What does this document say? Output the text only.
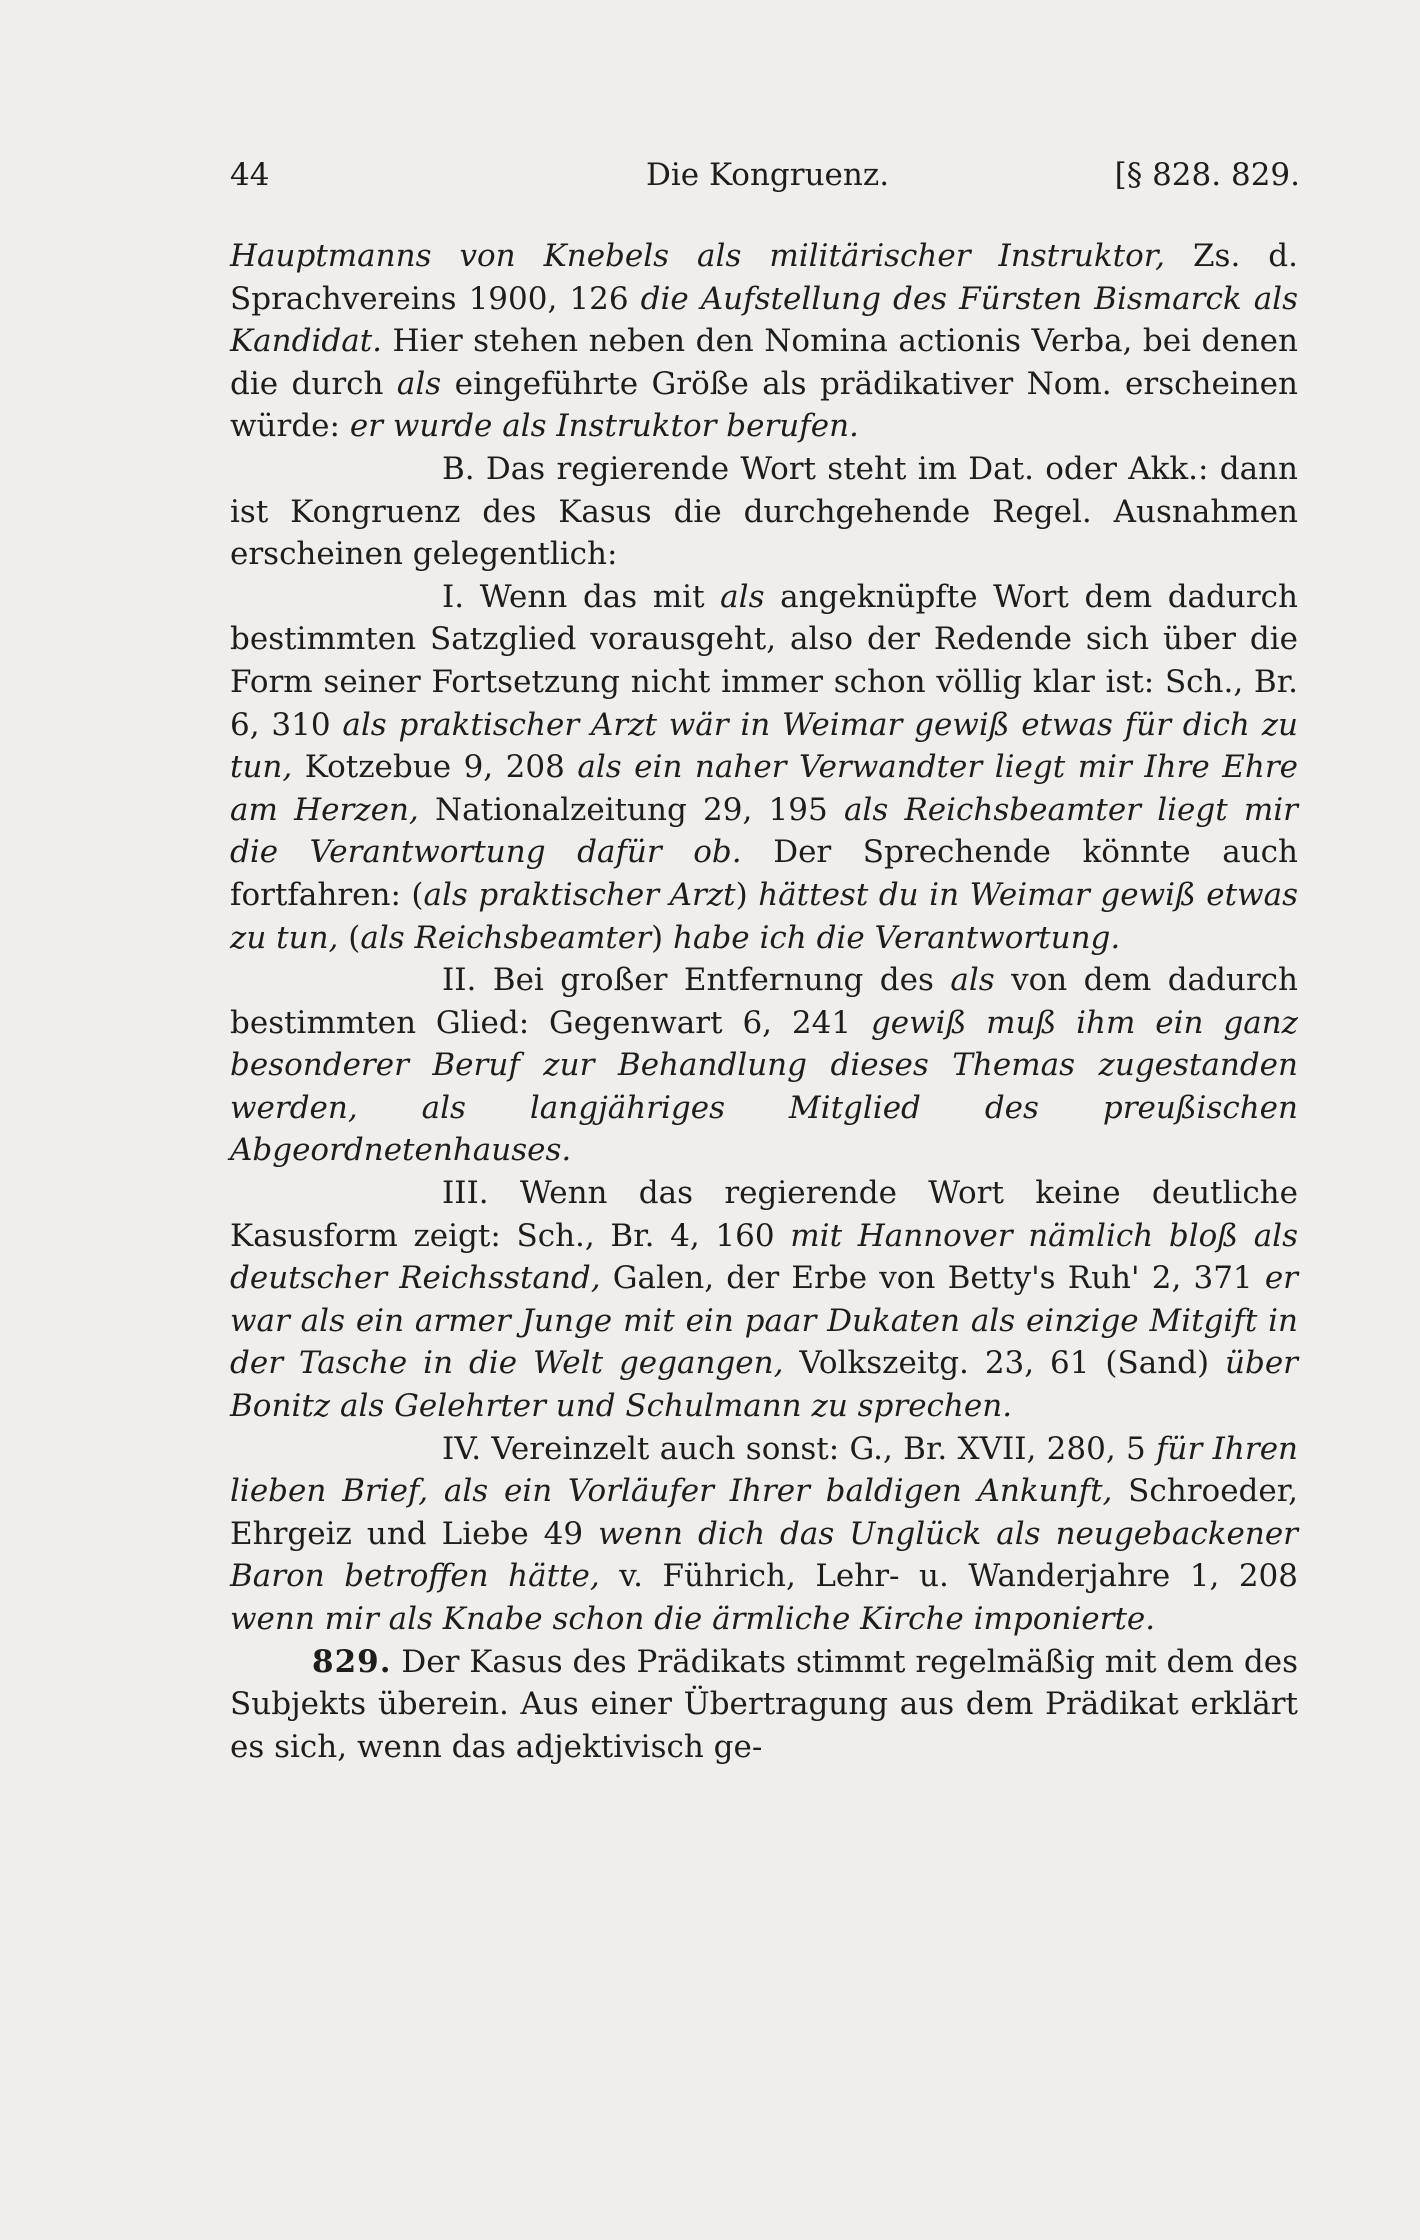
44	Die Kongruenz.	[§ 828. 829.

Hauptmanns von Knebels als militärischer Instruktor, Zs. d. Sprachvereins 1900, 126 die Aufstellung des Fürsten Bismarck als Kandidat. Hier stehen neben den Nomina actionis Verba, bei denen die durch als eingeführte Größe als prädikativer Nom. erscheinen würde: er wurde als Instruktor berufen.

B. Das regierende Wort steht im Dat. oder Akk.: dann ist Kongruenz des Kasus die durchgehende Regel. Ausnahmen erscheinen gelegentlich:

I. Wenn das mit als angeknüpfte Wort dem dadurch bestimmten Satzglied vorausgeht, also der Redende sich über die Form seiner Fortsetzung nicht immer schon völlig klar ist: Sch., Br. 6, 310 als praktischer Arzt wär in Weimar gewiß etwas für dich zu tun, Kotzebue 9, 208 als ein naher Verwandter liegt mir Ihre Ehre am Herzen, Nationalzeitung 29, 195 als Reichsbeamter liegt mir die Verantwortung dafür ob. Der Sprechende könnte auch fortfahren: (als praktischer Arzt) hättest du in Weimar gewiß etwas zu tun, (als Reichsbeamter) habe ich die Verantwortung.

II. Bei großer Entfernung des als von dem dadurch bestimmten Glied: Gegenwart 6, 241 gewiß muß ihm ein ganz besonderer Beruf zur Behandlung dieses Themas zugestanden werden, als langjähriges Mitglied des preußischen Abgeordnetenhauses.

III. Wenn das regierende Wort keine deutliche Kasusform zeigt: Sch., Br. 4, 160 mit Hannover nämlich bloß als deutscher Reichsstand, Galen, der Erbe von Betty's Ruh' 2, 371 er war als ein armer Junge mit ein paar Dukaten als einzige Mitgift in der Tasche in die Welt gegangen, Volkszeitg. 23, 61 (Sand) über Bonitz als Gelehrter und Schulmann zu sprechen.

IV. Vereinzelt auch sonst: G., Br. XVII, 280, 5 für Ihren lieben Brief, als ein Vorläufer Ihrer baldigen Ankunft, Schroeder, Ehrgeiz und Liebe 49 wenn dich das Unglück als neugebackener Baron betroffen hätte, v. Führich, Lehr- u. Wanderjahre 1, 208 wenn mir als Knabe schon die ärmliche Kirche imponierte.

829. Der Kasus des Prädikats stimmt regelmäßig mit dem des Subjekts überein. Aus einer Übertragung aus dem Prädikat erklärt es sich, wenn das adjektivisch ge-
